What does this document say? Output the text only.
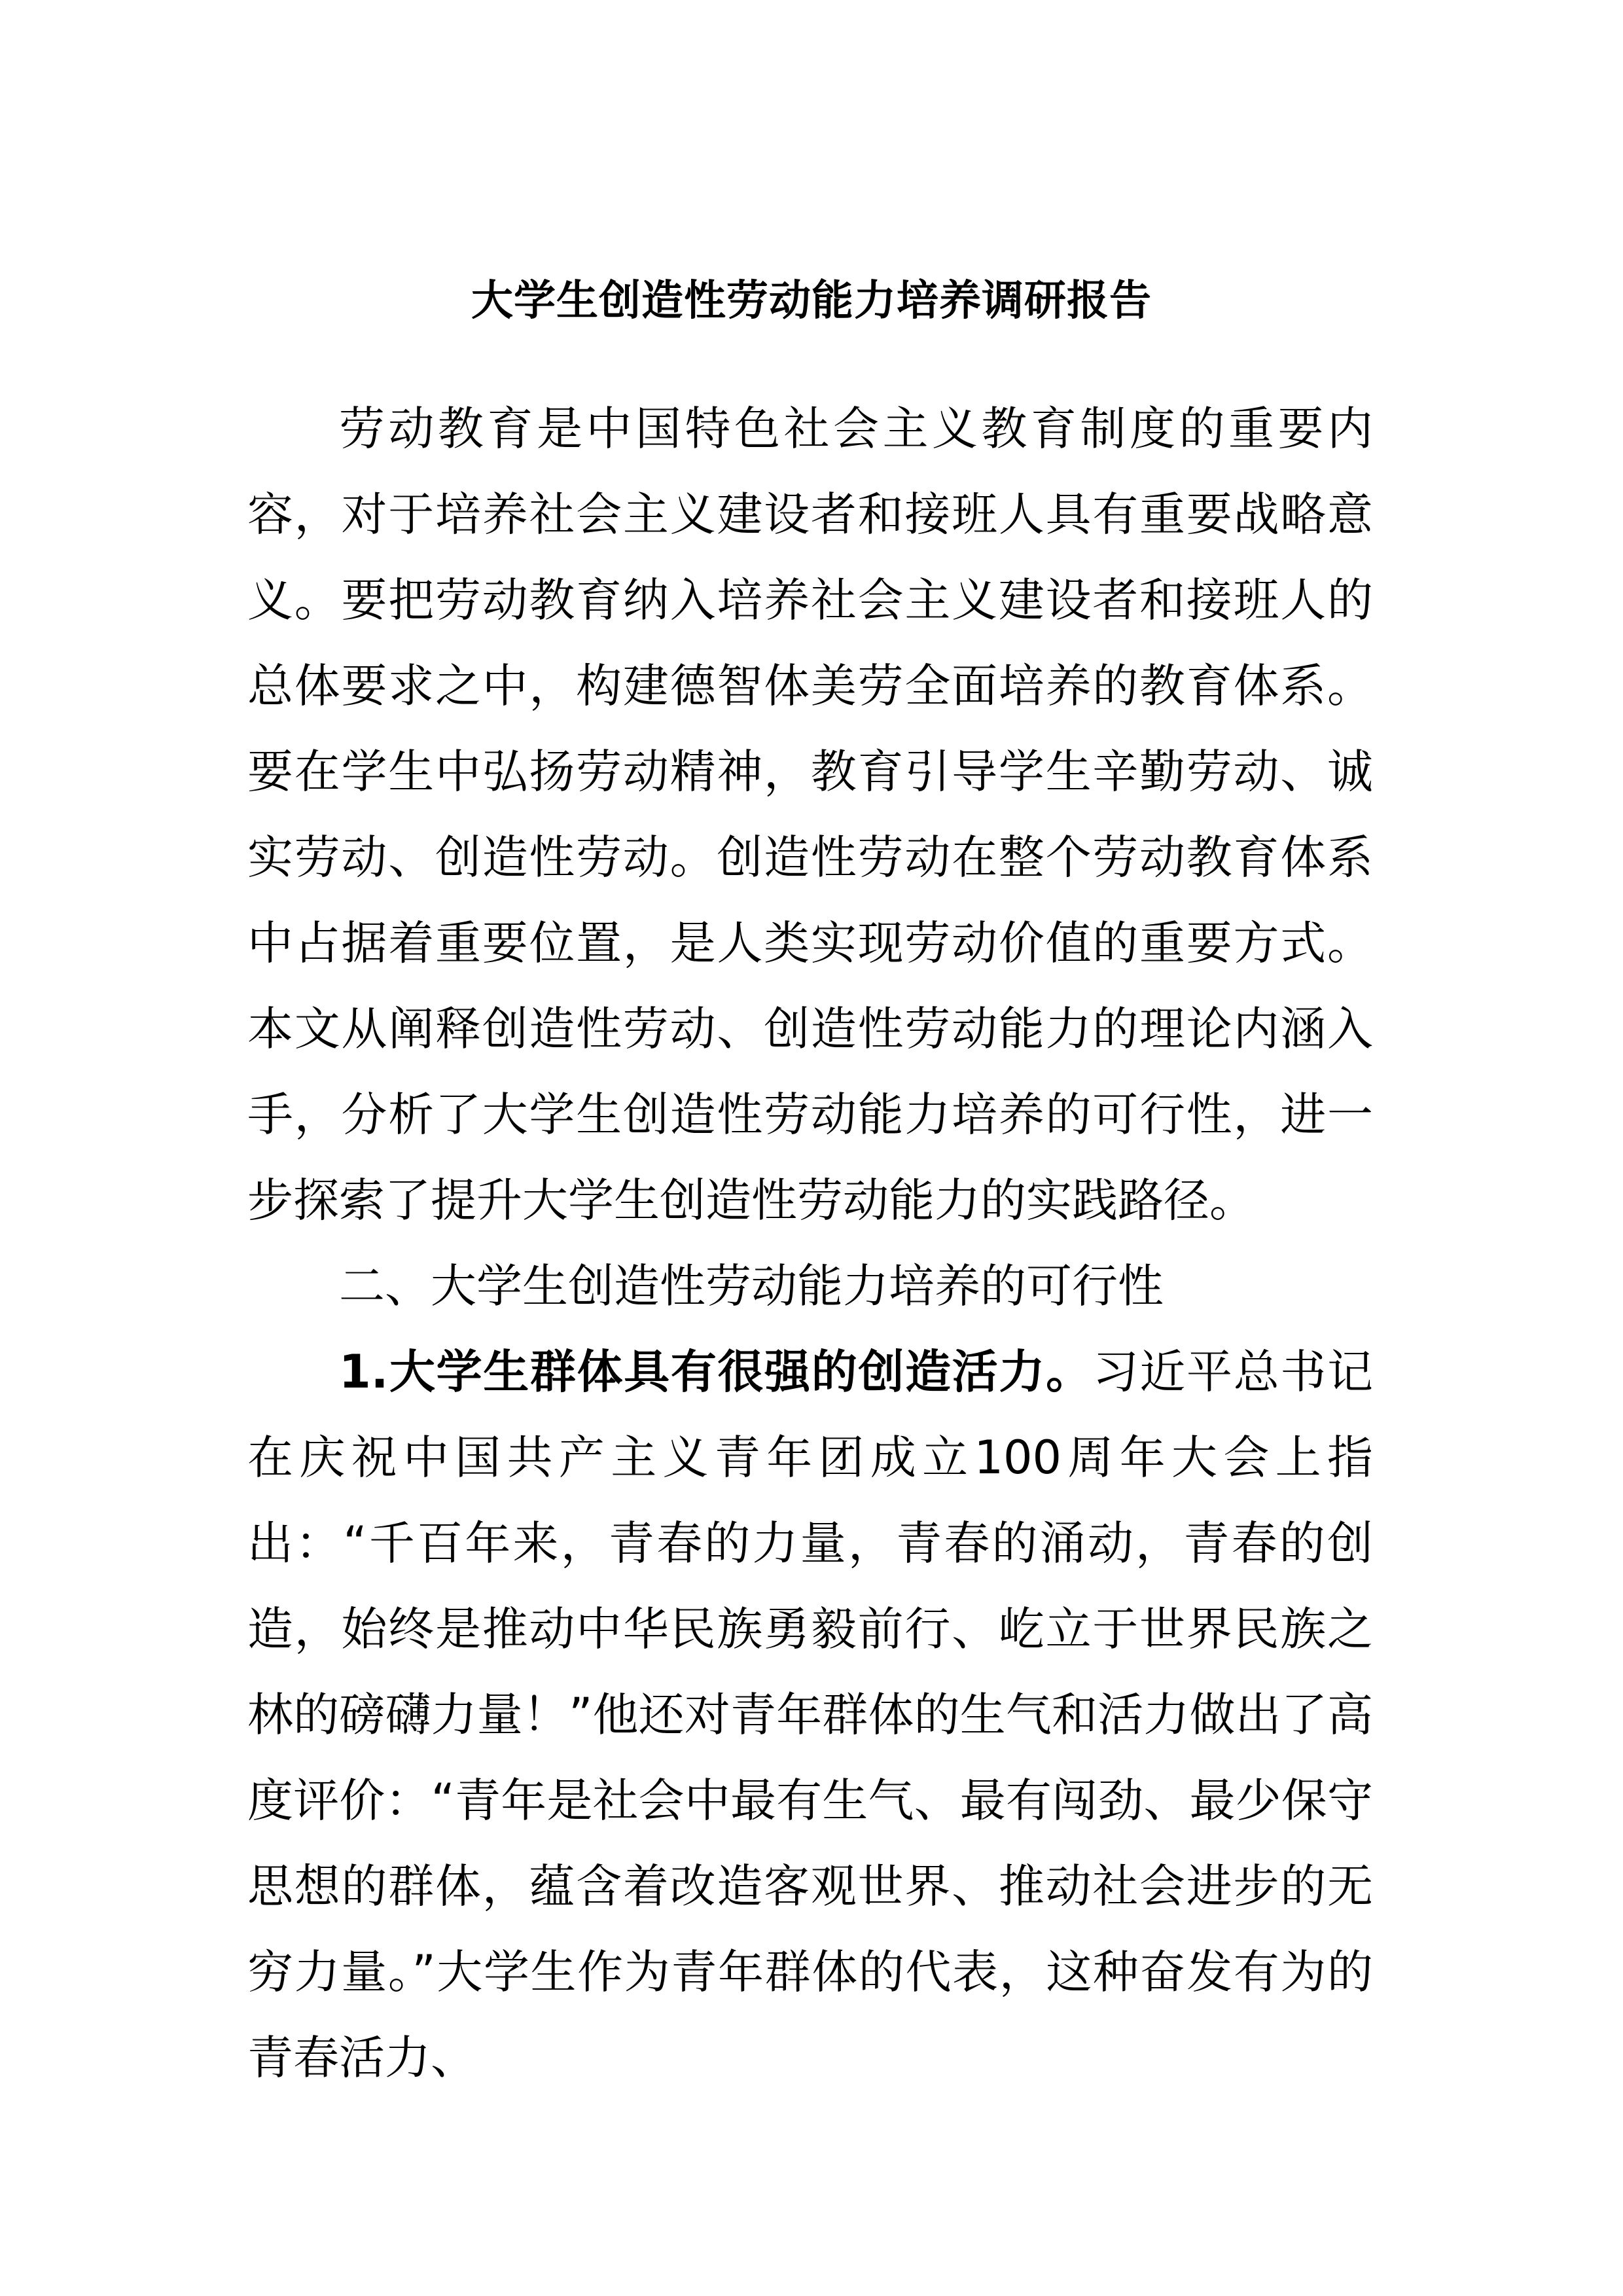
大学生创造性劳动能力培养调研报告

劳动教育是中国特色社会主义教育制度的重要内容，对于培养社会主义建设者和接班人具有重要战略意义。要把劳动教育纳入培养社会主义建设者和接班人的总体要求之中，构建德智体美劳全面培养的教育体系。要在学生中弘扬劳动精神，教育引导学生辛勤劳动、诚实劳动、创造性劳动。创造性劳动在整个劳动教育体系中占据着重要位置，是人类实现劳动价值的重要方式。本文从阐释创造性劳动、创造性劳动能力的理论内涵入手，分析了大学生创造性劳动能力培养的可行性，进一步探索了提升大学生创造性劳动能力的实践路径。

二、大学生创造性劳动能力培养的可行性

1.大学生群体具有很强的创造活力。习近平总书记在庆祝中国共产主义青年团成立100周年大会上指出：“千百年来，青春的力量，青春的涌动，青春的创造，始终是推动中华民族勇毅前行、屹立于世界民族之林的磅礴力量！”他还对青年群体的生气和活力做出了高度评价：“青年是社会中最有生气、最有闯劲、最少保守思想的群体，蕴含着改造客观世界、推动社会进步的无穷力量。”大学生作为青年群体的代表，这种奋发有为的青春活力、
